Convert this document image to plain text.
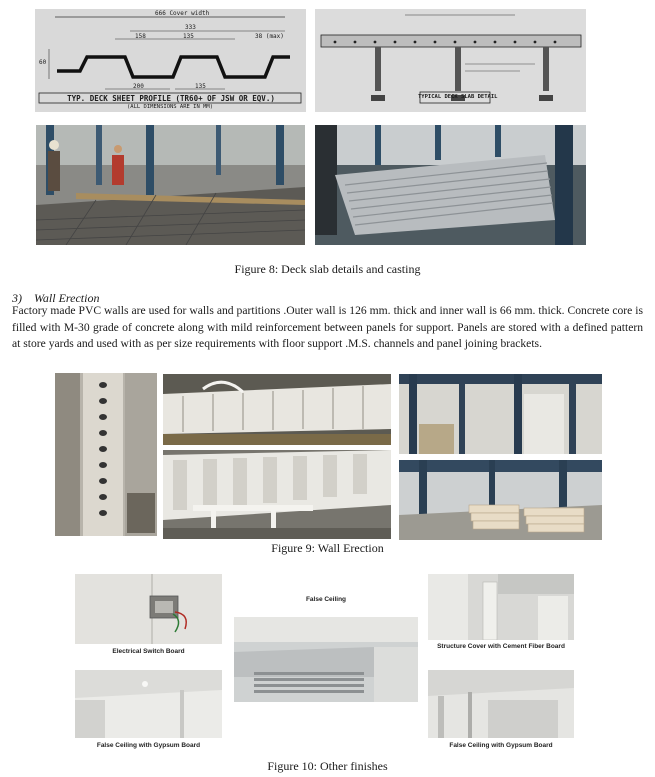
666 Cover width
333
158	135	38 (max)
60
200	135
TYP. DECK SHEET PROFILE (TR60+ OF JSW OR EQV.)
(ALL DIMENSIONS ARE IN MM)
TYPICAL DECK SLAB DETAIL
Figure 8: Deck slab details and casting
3) Wall Erection
Factory made PVC walls are used for walls and partitions .Outer wall is 126 mm. thick and inner wall is 66 mm. thick. Concrete core is filled with M-30 grade of concrete along with mild reinforcement between panels for support. Panels are stored with a defined pattern at store yards and used with as per size requirements with floor support .M.S. channels and panel joining brackets.
Figure 9: Wall Erection
Electrical Switch Board
False Ceiling
Structure Cover with Cement Fiber Board
False Ceiling with Gypsum Board	False Ceiling with Gypsum Board
Figure 10: Other finishes
